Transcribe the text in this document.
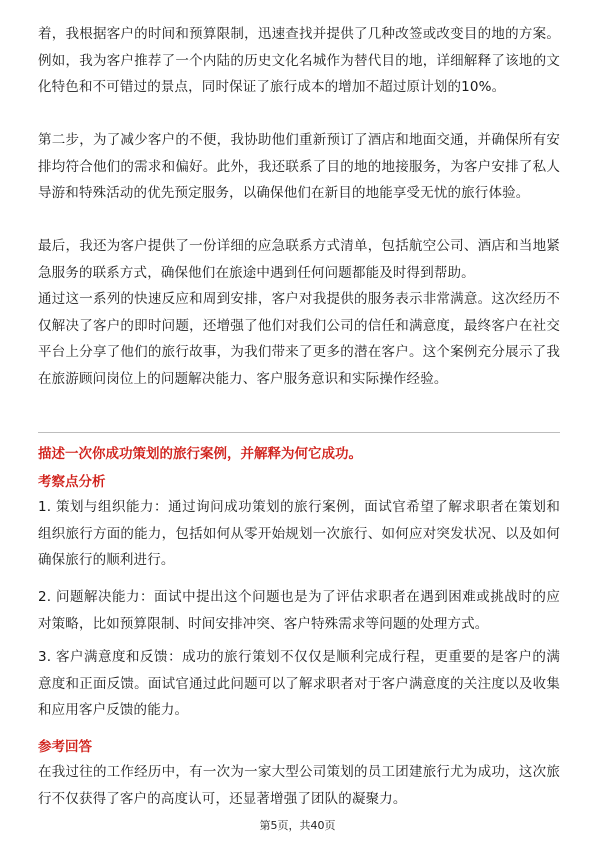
着，我根据客户的时间和预算限制，迅速查找并提供了几种改签或改变目的地的方案。例如，我为客户推荐了一个内陆的历史文化名城作为替代目的地，详细解释了该地的文化特色和不可错过的景点，同时保证了旅行成本的增加不超过原计划的10%。

第二步，为了减少客户的不便，我协助他们重新预订了酒店和地面交通，并确保所有安排均符合他们的需求和偏好。此外，我还联系了目的地的地接服务，为客户安排了私人导游和特殊活动的优先预定服务，以确保他们在新目的地能享受无忧的旅行体验。

最后，我还为客户提供了一份详细的应急联系方式清单，包括航空公司、酒店和当地紧急服务的联系方式，确保他们在旅途中遇到任何问题都能及时得到帮助。

通过这一系列的快速反应和周到安排，客户对我提供的服务表示非常满意。这次经历不仅解决了客户的即时问题，还增强了他们对我们公司的信任和满意度，最终客户在社交平台上分享了他们的旅行故事，为我们带来了更多的潜在客户。这个案例充分展示了我在旅游顾问岗位上的问题解决能力、客户服务意识和实际操作经验。

描述一次你成功策划的旅行案例，并解释为何它成功。

考察点分析

1. 策划与组织能力：通过询问成功策划的旅行案例，面试官希望了解求职者在策划和组织旅行方面的能力，包括如何从零开始规划一次旅行、如何应对突发状况、以及如何确保旅行的顺利进行。

2. 问题解决能力：面试中提出这个问题也是为了评估求职者在遇到困难或挑战时的应对策略，比如预算限制、时间安排冲突、客户特殊需求等问题的处理方式。

3. 客户满意度和反馈：成功的旅行策划不仅仅是顺利完成行程，更重要的是客户的满意度和正面反馈。面试官通过此问题可以了解求职者对于客户满意度的关注度以及收集和应用客户反馈的能力。

参考回答

在我过往的工作经历中，有一次为一家大型公司策划的员工团建旅行尤为成功，这次旅行不仅获得了客户的高度认可，还显著增强了团队的凝聚力。

第5页，共40页
